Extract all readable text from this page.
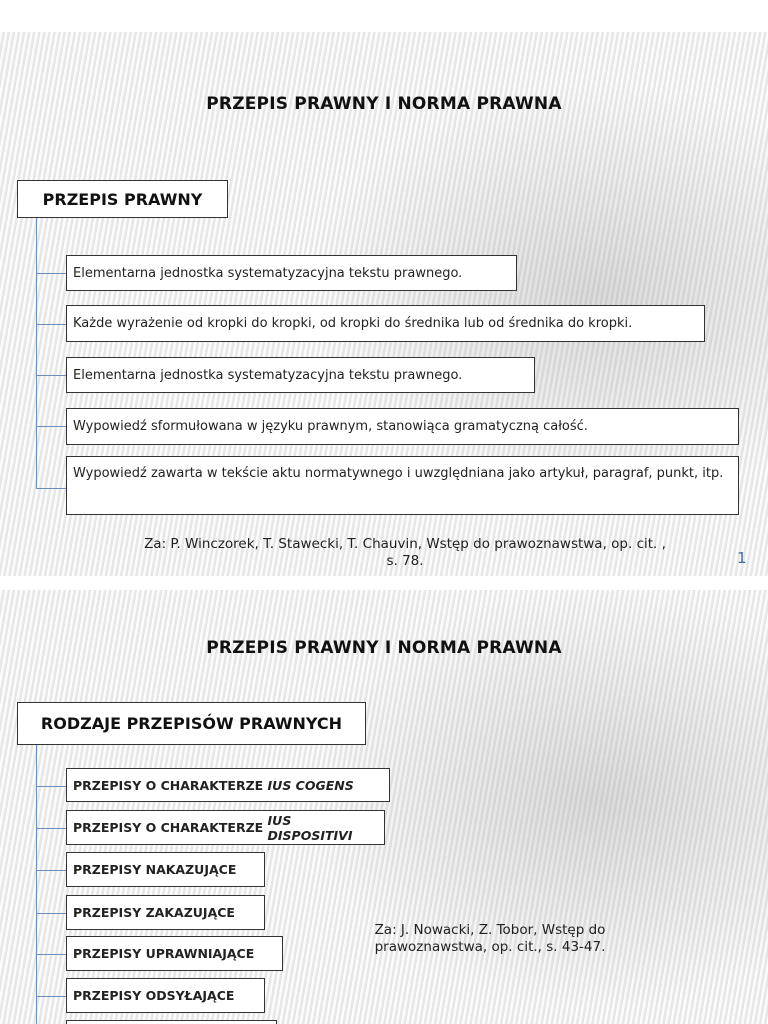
PRZEPIS PRAWNY I NORMA PRAWNA
PRZEPIS PRAWNY
Elementarna jednostka systematyzacyjna tekstu prawnego.
Każde wyrażenie od kropki do kropki, od kropki do średnika lub od średnika do kropki.
Elementarna jednostka systematyzacyjna tekstu prawnego.
Wypowiedź sformułowana w języku prawnym, stanowiąca gramatyczną całość.
Wypowiedź zawarta w tekście aktu normatywnego i uwzględniana jako artykuł, paragraf, punkt, itp.
Za: P. Winczorek, T. Stawecki, T. Chauvin, Wstęp do prawoznawstwa, op. cit. ,
s. 78.	1
PRZEPIS PRAWNY I NORMA PRAWNA
RODZAJE PRZEPISÓW PRAWNYCH
PRZEPISY O CHARAKTERZE IUS COGENS
PRZEPISY O CHARAKTERZE IUS DISPOSITIVI
PRZEPISY NAKAZUJĄCE
PRZEPISY ZAKAZUJĄCE
PRZEPISY UPRAWNIAJĄCE
PRZEPISY ODSYŁAJĄCE
Za: J. Nowacki, Z. Tobor, Wstęp do
prawoznawstwa, op. cit., s. 43-47.
